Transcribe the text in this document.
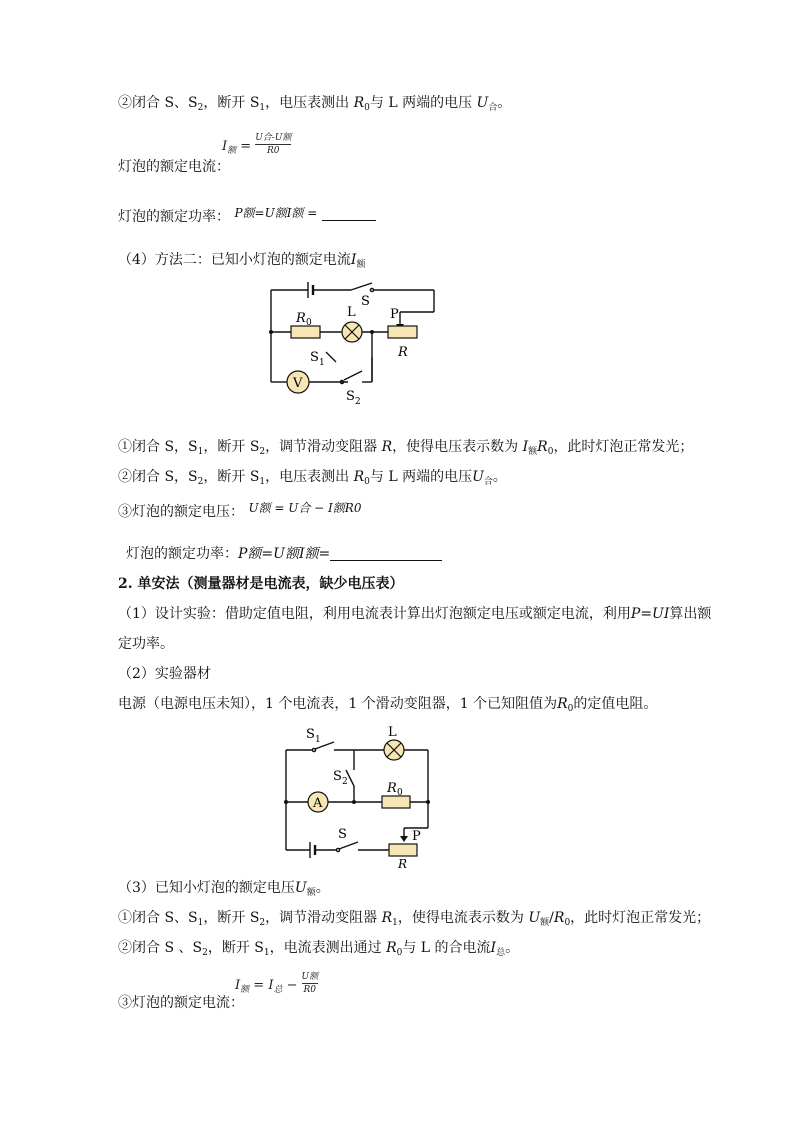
②闭合 S、$S_2$，断开 $S_1$，电压表测出 $R_0$与 L 两端的电压 $U_合$。
$I_额$ =
U合-U额
R0
灯泡的额定电流：
灯泡的额定功率： P额=U额I额 =
（4）方法二：已知小灯泡的额定电流$I_额$
V
S
R 0
L	P
R
S 1
S 2
①闭合 S，$S_1$，断开 $S_2$，调节滑动变阻器 R，使得电压表示数为 $I_额R_0$，此时灯泡正常发光；
②闭合 S，$S_2$，断开 $S_1$，电压表测出 $R_0$与 L 两端的电压$U_合$。
③灯泡的额定电压： U额 = U合 − I额R0
灯泡的额定功率：P额=U额I额=
2. 单安法（测量器材是电流表，缺少电压表）
（1）设计实验：借助定值电阻，利用电流表计算出灯泡额定电压或额定电流，利用P=UI算出额
定功率。
（2）实验器材
电源（电源电压未知），1 个电流表，1 个滑动变阻器，1 个已知阻值为$R_0$的定值电阻。
A
S 1	L
S 2	R 0
S	P
R
（3）已知小灯泡的额定电压$U_额$。
①闭合 S、$S_1$，断开 $S_2$，调节滑动变阻器 $R_1$，使得电流表示数为 $U_额/R_0$，此时灯泡正常发光；
②闭合 S 、$S_2$，断开 $S_1$，电流表测出通过 $R_0$与 L 的合电流$I_总$。
③灯泡的额定电流：
$I_额 = I_总$ −
U额
R0
